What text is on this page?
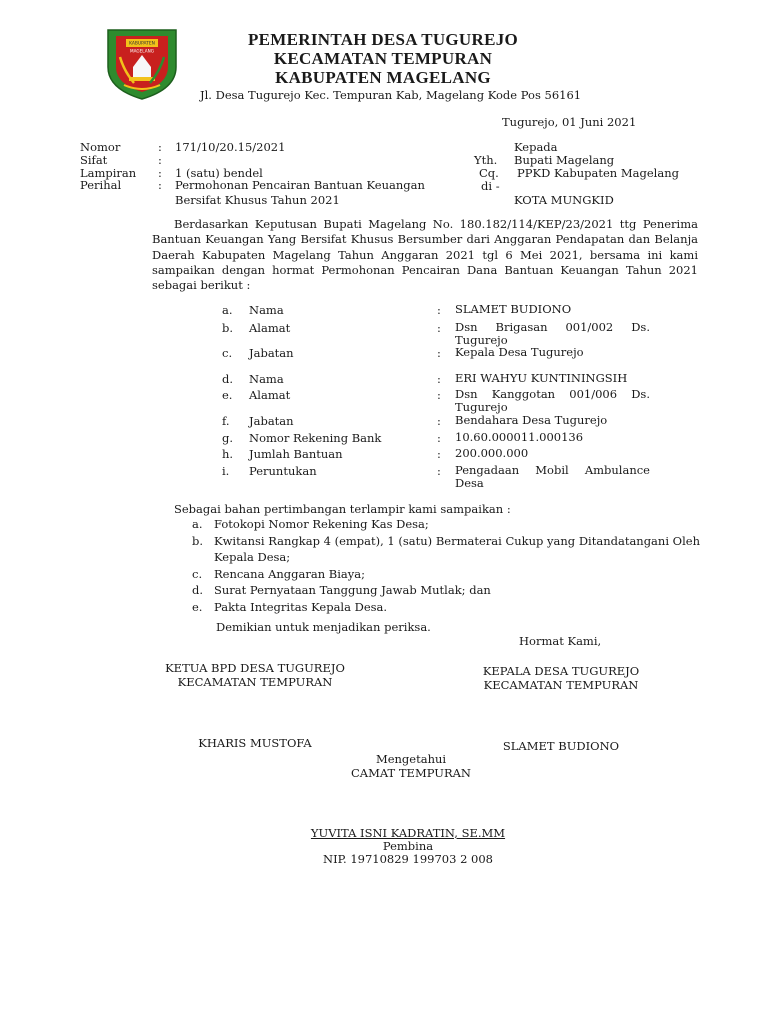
KABUPATEN
MAGELANG
PEMERINTAH DESA TUGUREJO
KECAMATAN TEMPURAN
KABUPATEN MAGELANG
Jl. Desa Tugurejo Kec. Tempuran Kab, Magelang Kode Pos 56161
Tugurejo, 01 Juni 2021
Nomor	: 171/10/20.15/2021
Sifat	:
Lampiran : 1 (satu) bendel
Perihal	: Permohonan Pencairan Bantuan Keuangan
Bersifat Khusus Tahun 2021
Kepada
Yth. Bupati Magelang
Cq. PPKD Kabupaten Magelang
di -
KOTA MUNGKID

Berdasarkan Keputusan Bupati Magelang No. 180.182/114/KEP/23/2021 ttg Penerima Bantuan Keuangan Yang Bersifat Khusus Bersumber dari Anggaran Pendapatan dan Belanja Daerah Kabupaten Magelang Tahun Anggaran 2021 tgl 6 Mei 2021, bersama ini kami sampaikan dengan hormat Permohonan Pencairan Dana Bantuan Keuangan Tahun 2021 sebagai berikut :

a. Nama	: SLAMET BUDIONO
b. Alamat	: Dsn Brigasan 001/002 Ds. Tugurejo
c. Jabatan	: Kepala Desa Tugurejo
d. Nama	: ERI WAHYU KUNTININGSIH
e. Alamat	: Dsn Kanggotan 001/006 Ds. Tugurejo
f. Jabatan	: Bendahara Desa Tugurejo
g. Nomor Rekening Bank	: 10.60.000011.000136
h. Jumlah Bantuan	: 200.000.000
i. Peruntukan	: Pengadaan Mobil Ambulance Desa
Sebagai bahan pertimbangan terlampir kami sampaikan :
a. Fotokopi Nomor Rekening Kas Desa;
b. Kwitansi Rangkap 4 (empat), 1 (satu) Bermaterai Cukup yang Ditandatangani Oleh Kepala Desa;
c.	Rencana Anggaran Biaya;
d. Surat Pernyataan Tanggung Jawab Mutlak; dan
e.	Pakta Integritas Kepala Desa.
Demikian untuk menjadikan periksa.
Hormat Kami,
KETUA BPD DESA TUGUREJO
KECAMATAN TEMPURAN
KHARIS MUSTOFA
KEPALA DESA TUGUREJO
KECAMATAN TEMPURAN
SLAMET BUDIONO
Mengetahui
CAMAT TEMPURAN
YUVITA ISNI KADRATIN, SE.MM
Pembina
NIP. 19710829 199703 2 008
